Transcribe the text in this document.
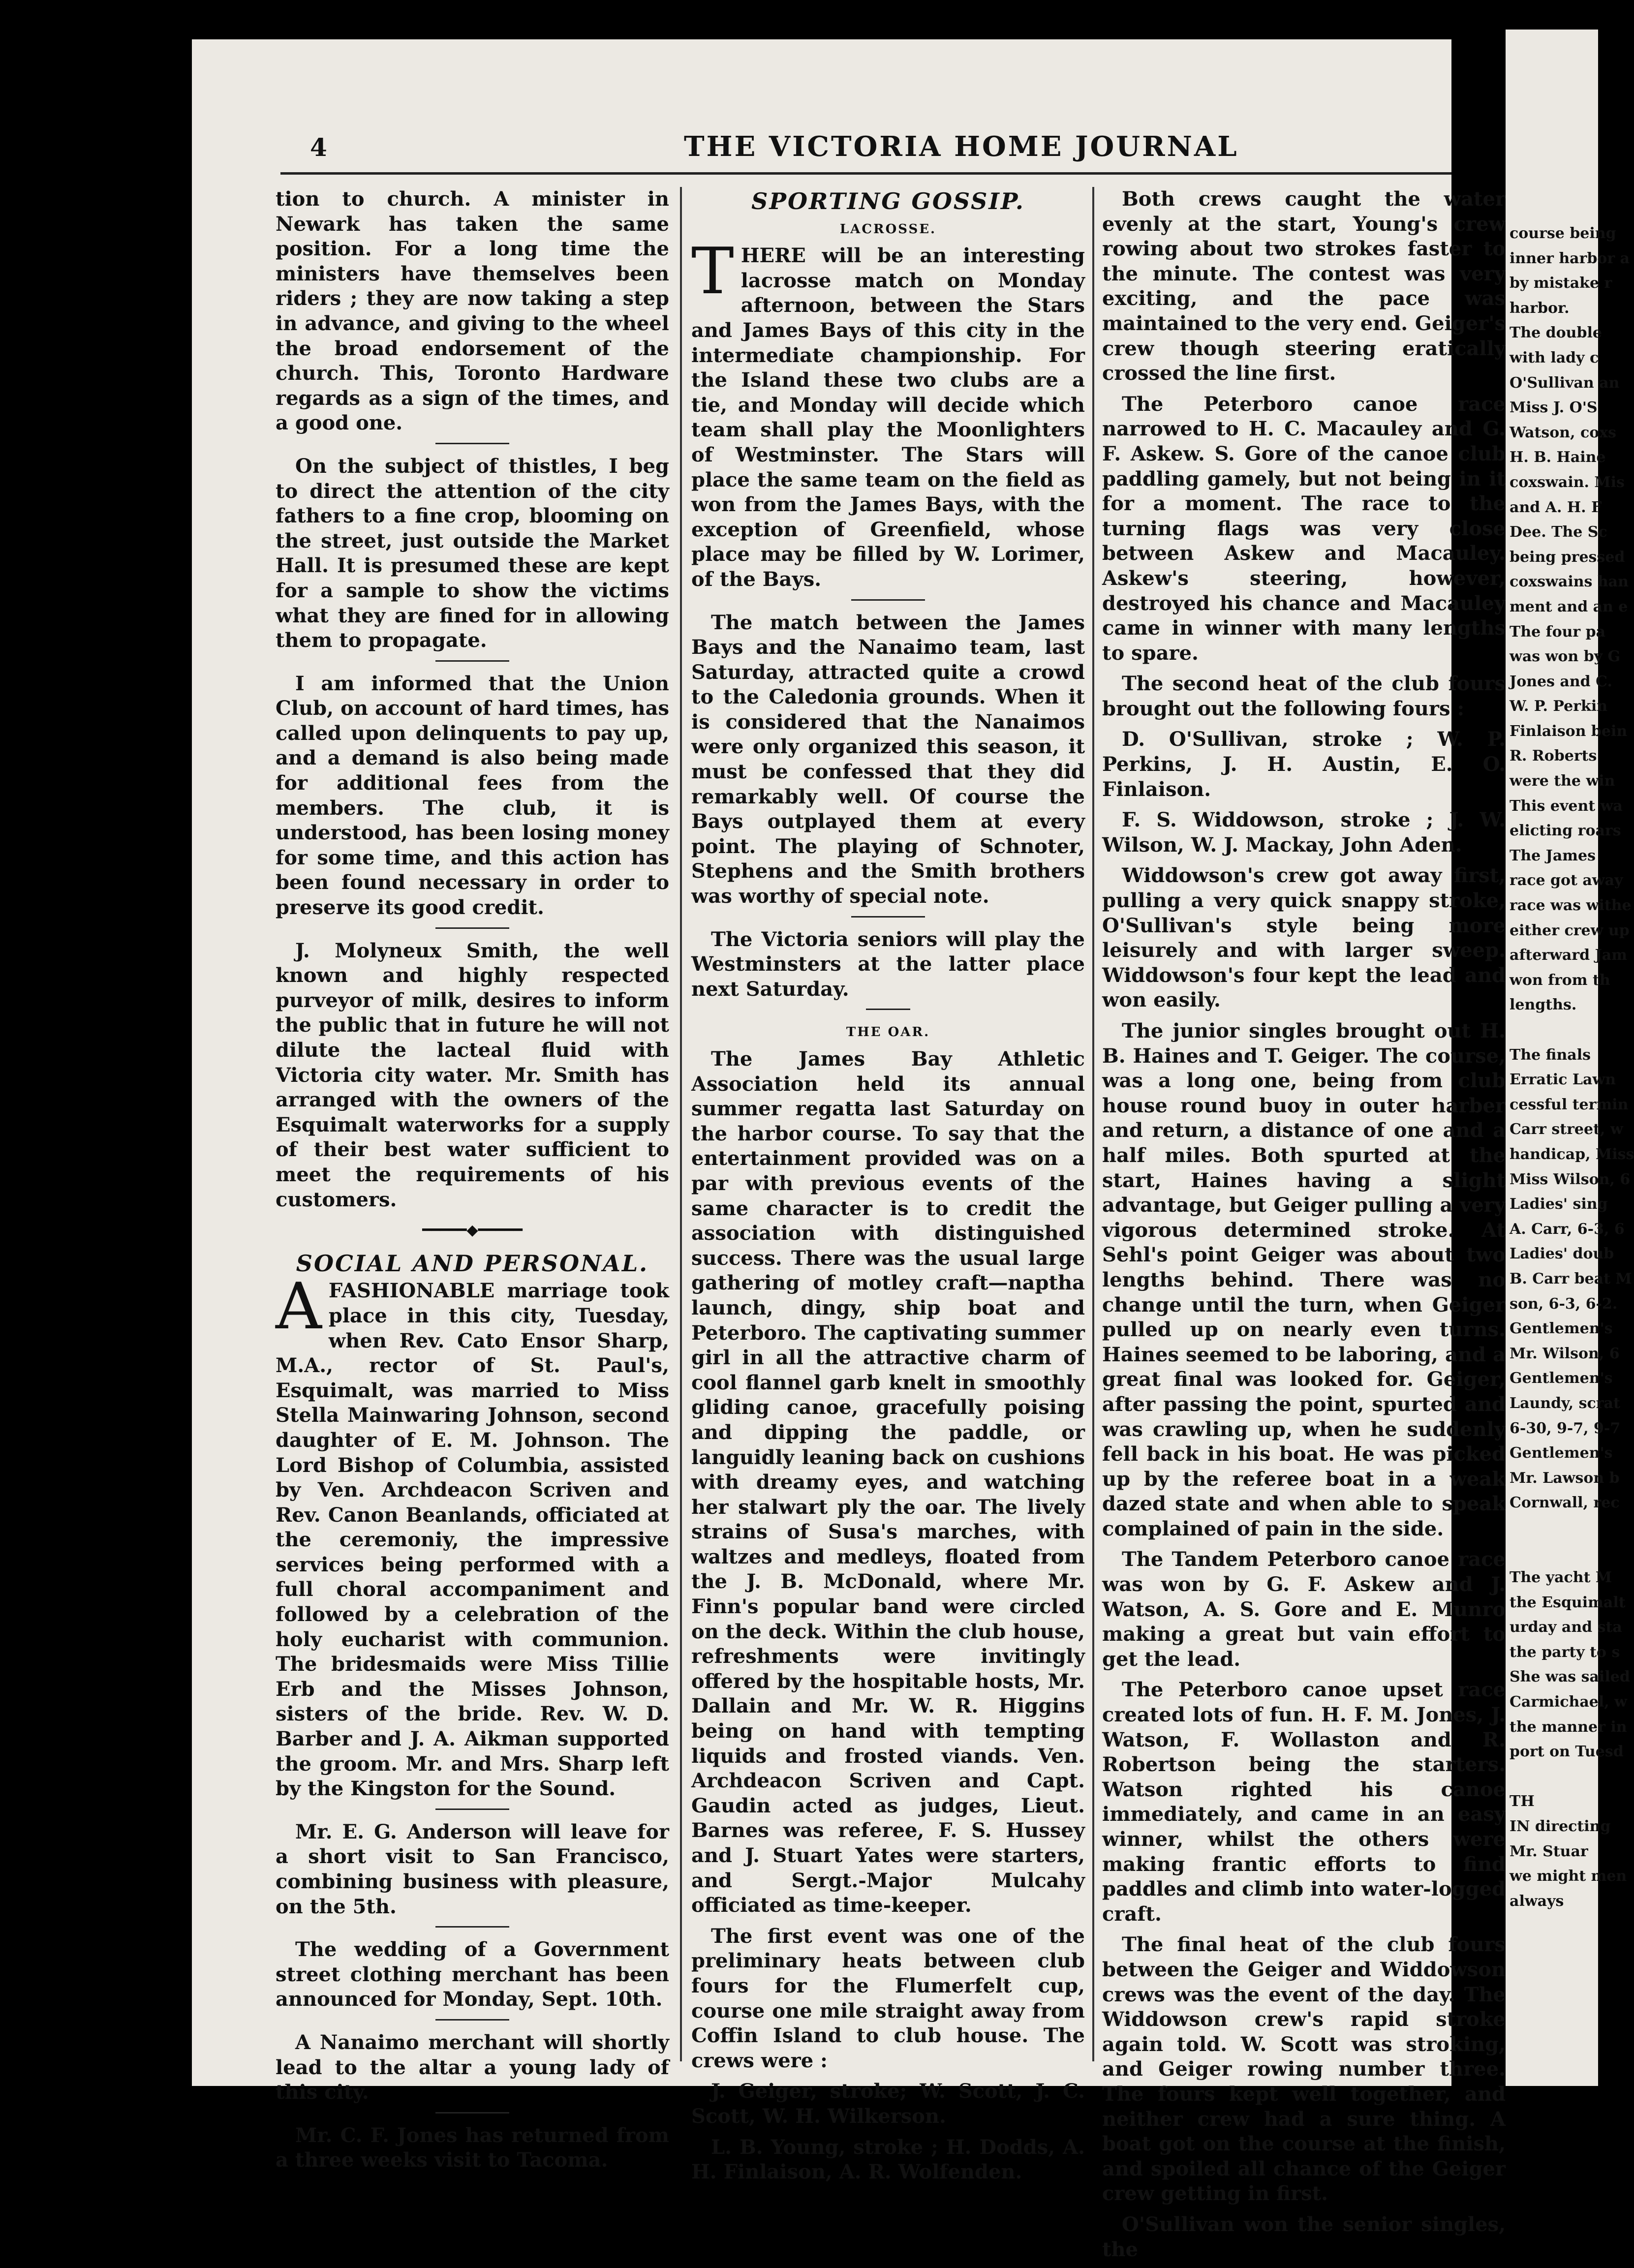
4	THE VICTORIA HOME JOURNAL

tion to church. A minister in Newark has taken the same position. For a long time the ministers have themselves been riders ; they are now taking a step in advance, and giving to the wheel the broad endorsement of the church. This, Toronto Hardware regards as a sign of the times, and a good one.

On the subject of thistles, I beg to direct the attention of the city fathers to a fine crop, blooming on the street, just outside the Market Hall. It is presumed these are kept for a sample to show the victims what they are fined for in allowing them to propagate.

I am informed that the Union Club, on account of hard times, has called upon delinquents to pay up, and a demand is also being made for additional fees from the members. The club, it is understood, has been losing money for some time, and this action has been found necessary in order to preserve its good credit.

J. Molyneux Smith, the well known and highly respected purveyor of milk, desires to inform the public that in future he will not dilute the lacteal fluid with Victoria city water. Mr. Smith has arranged with the owners of the Esquimalt waterworks for a supply of their best water sufficient to meet the requirements of his customers.

━━━━━◆━━━━━
SOCIAL AND PERSONAL.

AFASHIONABLE marriage took place in this city, Tuesday, when Rev. Cato Ensor Sharp, M.A., rector of St. Paul's, Esquimalt, was married to Miss Stella Mainwaring Johnson, second daughter of E. M. Johnson. The Lord Bishop of Columbia, assisted by Ven. Archdeacon Scriven and Rev. Canon Beanlands, officiated at the ceremoniy, the impressive services being performed with a full choral accompaniment and followed by a celebration of the holy eucharist with communion. The bridesmaids were Miss Tillie Erb and the Misses Johnson, sisters of the bride. Rev. W. D. Barber and J. A. Aikman supported the groom. Mr. and Mrs. Sharp left by the Kingston for the Sound.

Mr. E. G. Anderson will leave for a short visit to San Francisco, combining business with pleasure, on the 5th.

The wedding of a Government street clothing merchant has been announced for Monday, Sept. 10th.

A Nanaimo merchant will shortly lead to the altar a young lady of this city.

Mr. C. F. Jones has returned from a three weeks visit to Tacoma.

SPORTING GOSSIP.
LACROSSE.

THERE will be an interesting lacrosse match on Monday afternoon, between the Stars and James Bays of this city in the intermediate championship. For the Island these two clubs are a tie, and Monday will decide which team shall play the Moonlighters of Westminster. The Stars will place the same team on the field as won from the James Bays, with the exception of Greenfield, whose place may be filled by W. Lorimer, of the Bays.

The match between the James Bays and the Nanaimo team, last Saturday, attracted quite a crowd to the Caledonia grounds. When it is considered that the Nanaimos were only organized this season, it must be confessed that they did remarkably well. Of course the Bays outplayed them at every point. The playing of Schnoter, Stephens and the Smith brothers was worthy of special note.

The Victoria seniors will play the Westminsters at the latter place next Saturday.

THE OAR.

The James Bay Athletic Association held its annual summer regatta last Saturday on the harbor course. To say that the entertainment provided was on a par with previous events of the same character is to credit the association with distinguished success. There was the usual large gathering of motley craft—naptha launch, dingy, ship boat and Peterboro. The captivating summer girl in all the attractive charm of cool flannel garb knelt in smoothly gliding canoe, gracefully poising and dipping the paddle, or languidly leaning back on cushions with dreamy eyes, and watching her stalwart ply the oar. The lively strains of Susa's marches, with waltzes and medleys, floated from the J. B. McDonald, where Mr. Finn's popular band were circled on the deck. Within the club house, refreshments were invitingly offered by the hospitable hosts, Mr. Dallain and Mr. W. R. Higgins being on hand with tempting liquids and frosted viands. Ven. Archdeacon Scriven and Capt. Gaudin acted as judges, Lieut. Barnes was referee, F. S. Hussey and J. Stuart Yates were starters, and Sergt.-Major Mulcahy officiated as time-keeper.

The first event was one of the preliminary heats between club fours for the Flumerfelt cup, course one mile straight away from Coffin Island to club house. The crews were :

J. Geiger, stroke; W. Scott, J. C. Scott, W. H. Wilkerson.

L. B. Young, stroke ; H. Dodds, A. H. Finlaison, A. R. Wolfenden.

Both crews caught the water evenly at the start, Young's crew rowing about two strokes faster to the minute. The contest was very exciting, and the pace was maintained to the very end. Geiger's crew though steering eratically crossed the line first.

The Peterboro canoe race narrowed to H. C. Macauley and G. F. Askew. S. Gore of the canoe club paddling gamely, but not being in it for a moment. The race to the turning flags was very close between Askew and Macauley. Askew's steering, however, destroyed his chance and Macauley came in winner with many lengths to spare.

The second heat of the club fours brought out the following fours :

D. O'Sullivan, stroke ; W. P. Perkins, J. H. Austin, E. O. Finlaison.

F. S. Widdowson, stroke ; J. W. Wilson, W. J. Mackay, John Aden.

Widdowson's crew got away first, pulling a very quick snappy stroke, O'Sullivan's style being more leisurely and with larger sweep. Widdowson's four kept the lead and won easily.

The junior singles brought out H. B. Haines and T. Geiger. The course, was a long one, being from club house round buoy in outer harber and return, a distance of one and a half miles. Both spurted at the start, Haines having a slight advantage, but Geiger pulling a very vigorous determined stroke. At Sehl's point Geiger was about two lengths behind. There was no change until the turn, when Geiger pulled up on nearly even turns. Haines seemed to be laboring, and a great final was looked for. Geiger, after passing the point, spurted and was crawling up, when he suddenly fell back in his boat. He was picked up by the referee boat in a weak dazed state and when able to speak complained of pain in the side.

The Tandem Peterboro canoe race was won by G. F. Askew and J. Watson, A. S. Gore and E. Munro making a great but vain effort to get the lead.

The Peterboro canoe upset race created lots of fun. H. F. M. Jones, J. Watson, F. Wollaston and R. Robertson being the starters. Watson righted his canoe immediately, and came in an easy winner, whilst the others were making frantic efforts to find paddles and climb into water-logged craft.

The final heat of the club fours between the Geiger and Widdowson crews was the event of the day. The Widdowson crew's rapid stroke again told. W. Scott was stroking, and Geiger rowing number three. The fours kept well together, and neither crew had a sure thing. A boat got on the course at the finish, and spoiled all chance of the Geiger crew getting in first.

O'Sullivan won the senior singles, the

course being
inner harbor a
by mistake r
harbor.
The double
with lady c
O'Sullivan an
Miss J. O'S
Watson, coxs
H. B. Haine
coxswain. Mis
and A. H. F
Dee. The Sc
being pressed
coxswains han
ment and an e
The four pa
was won by G
Jones and C.
W. P. Perkin
Finlaison bein
R. Roberts
were the win
This event wa
elicting roars
The James
race got away
race was withe
either crew up
afterward Jam
won from th
lengths.

The finals
Erratic Lawn
cessful termin
Carr street, w
handicap, Miss
Miss Wilson, 6
Ladies' sing
A. Carr, 6-3, 6
Ladies' doub
B. Carr beat M
son, 6-3, 6-2.
Gentlemen's
Mr. Wilson, 6
Gentlemen's
Laundy, scrat
6-30, 9-7, 9-7
Gentlemen's
Mr. Lawson b
Cornwall, rec

The yacht M
the Esquimalt
urday and sta
the party to s
She was sailed
Carmichael, w
the manner in
port on Tuesd

TH
IN directing
Mr. Stuar
we might men
always
